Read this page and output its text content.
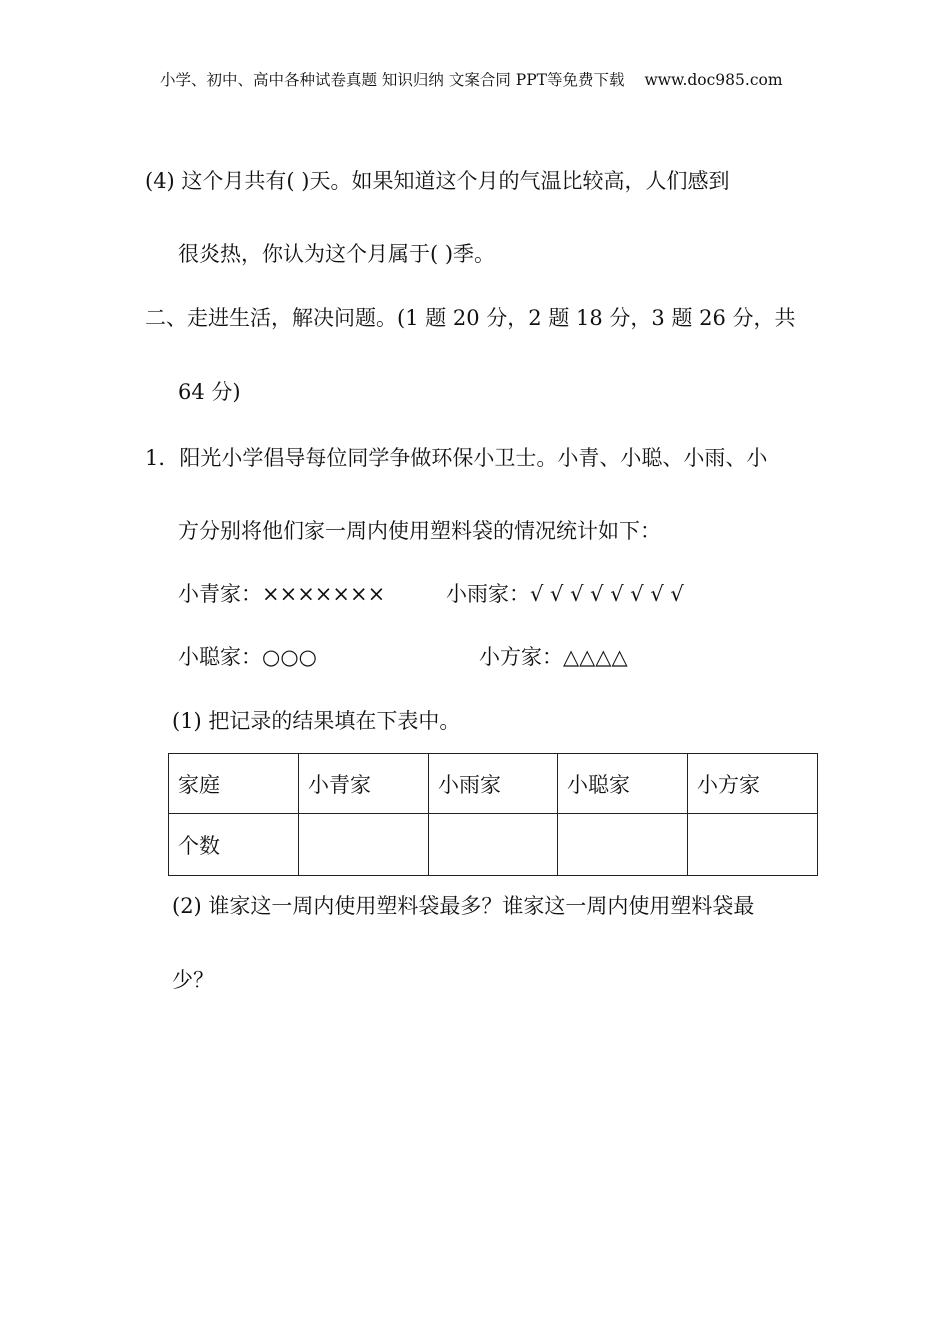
小学、初中、高中各种试卷真题 知识归纳 文案合同 PPT等免费下载 www.doc985.com
(4) 这个月共有( )天。如果知道这个月的气温比较高，人们感到
很炎热，你认为这个月属于( )季。
二、走进生活，解决问题。(1 题 20 分，2 题 18 分，3 题 26 分，共
64 分)
1．阳光小学倡导每位同学争做环保小卫士。小青、小聪、小雨、小
方分别将他们家一周内使用塑料袋的情况统计如下：
小青家：×××××××	小雨家：√ √ √ √ √ √ √ √
小聪家：○○○	小方家：△△△△
(1) 把记录的结果填在下表中。
家庭	小青家	小雨家	小聪家	小方家
个数				
(2) 谁家这一周内使用塑料袋最多？谁家这一周内使用塑料袋最
少？
